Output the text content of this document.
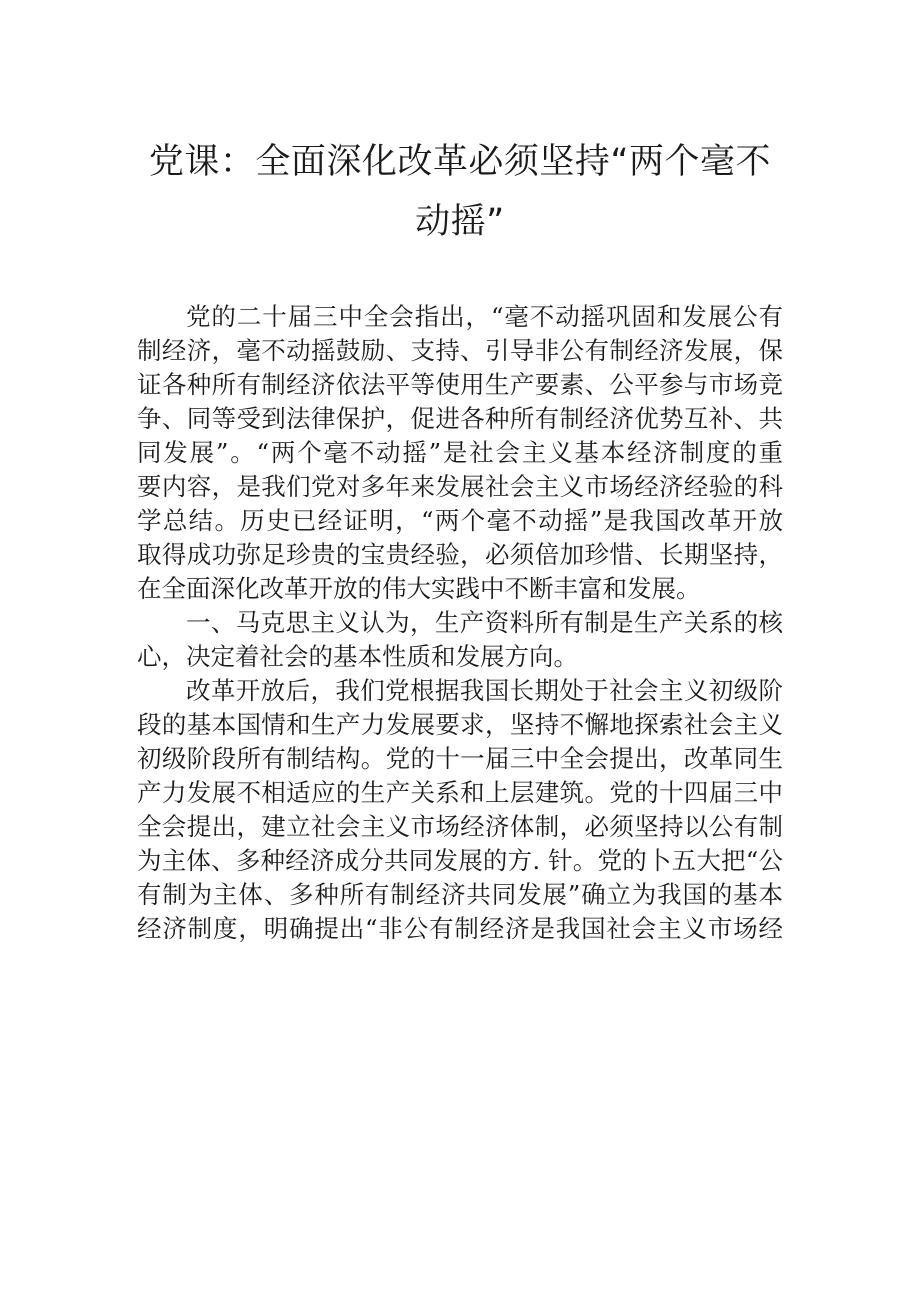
党课：全面深化改革必须坚持“两个毫不
动摇”
党的二十届三中全会指出，“毫不动摇巩固和发展公有
制经济，毫不动摇鼓励、支持、引导非公有制经济发展，保
证各种所有制经济依法平等使用生产要素、公平参与市场竞
争、同等受到法律保护，促进各种所有制经济优势互补、共
同发展”。“两个毫不动摇”是社会主义基本经济制度的重
要内容，是我们党对多年来发展社会主义市场经济经验的科
学总结。历史已经证明，“两个毫不动摇”是我国改革开放
取得成功弥足珍贵的宝贵经验，必须倍加珍惜、长期坚持，
在全面深化改革开放的伟大实践中不断丰富和发展。
一、马克思主义认为，生产资料所有制是生产关系的核
心，决定着社会的基本性质和发展方向。
改革开放后，我们党根据我国长期处于社会主义初级阶
段的基本国情和生产力发展要求，坚持不懈地探索社会主义
初级阶段所有制结构。党的十一届三中全会提出，改革同生
产力发展不相适应的生产关系和上层建筑。党的十四届三中
全会提出，建立社会主义市场经济体制，必须坚持以公有制
为主体、多种经济成分共同发展的方. 针。党的卜五大把“公
有制为主体、多种所有制经济共同发展”确立为我国的基本
经济制度，明确提出“非公有制经济是我国社会主义市场经
